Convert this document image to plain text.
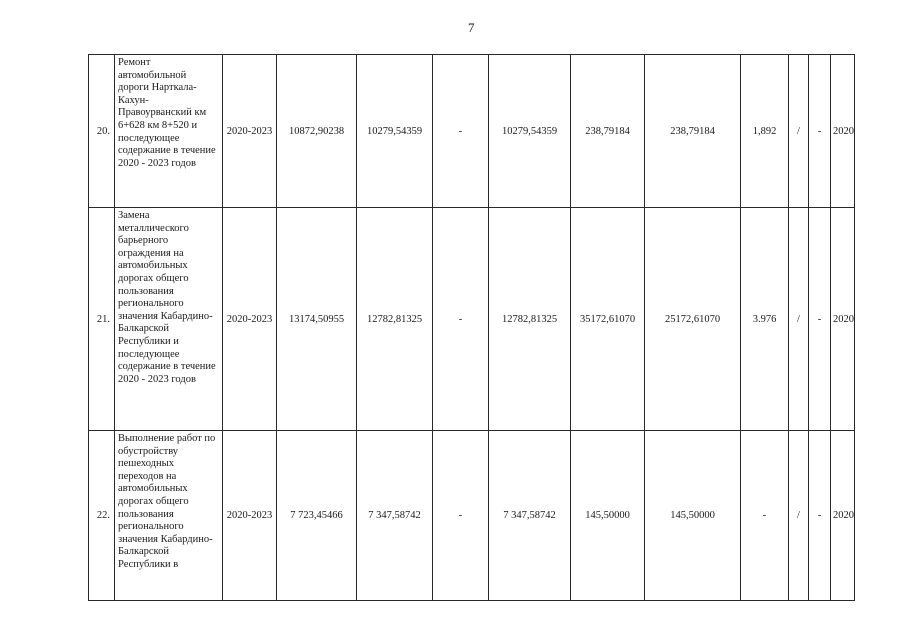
7
20.	Ремонт автомобильной дороги Нарткала-Кахун-Правоурванский км 6+628 км 8+520 и последующее содержание в течение 2020 - 2023 годов	2020-2023	10872,90238	10279,54359	-	10279,54359	238,79184	238,79184	1,892	/	-	2020
21.	Замена металлического барьерного ограждения на автомобильных дорогах общего пользования регионального значения Кабардино-Балкарской Республики и последующее содержание в течение 2020 - 2023 годов	2020-2023	13174,50955	12782,81325	-	12782,81325	35172,61070	25172,61070	3.976	/	-	2020
22.	Выполнение работ по обустройству пешеходных переходов на автомобильных дорогах общего пользования регионального значения Кабардино-Балкарской Республики в	2020-2023	7 723,45466	7 347,58742	-	7 347,58742	145,50000	145,50000	-	/	-	2020
